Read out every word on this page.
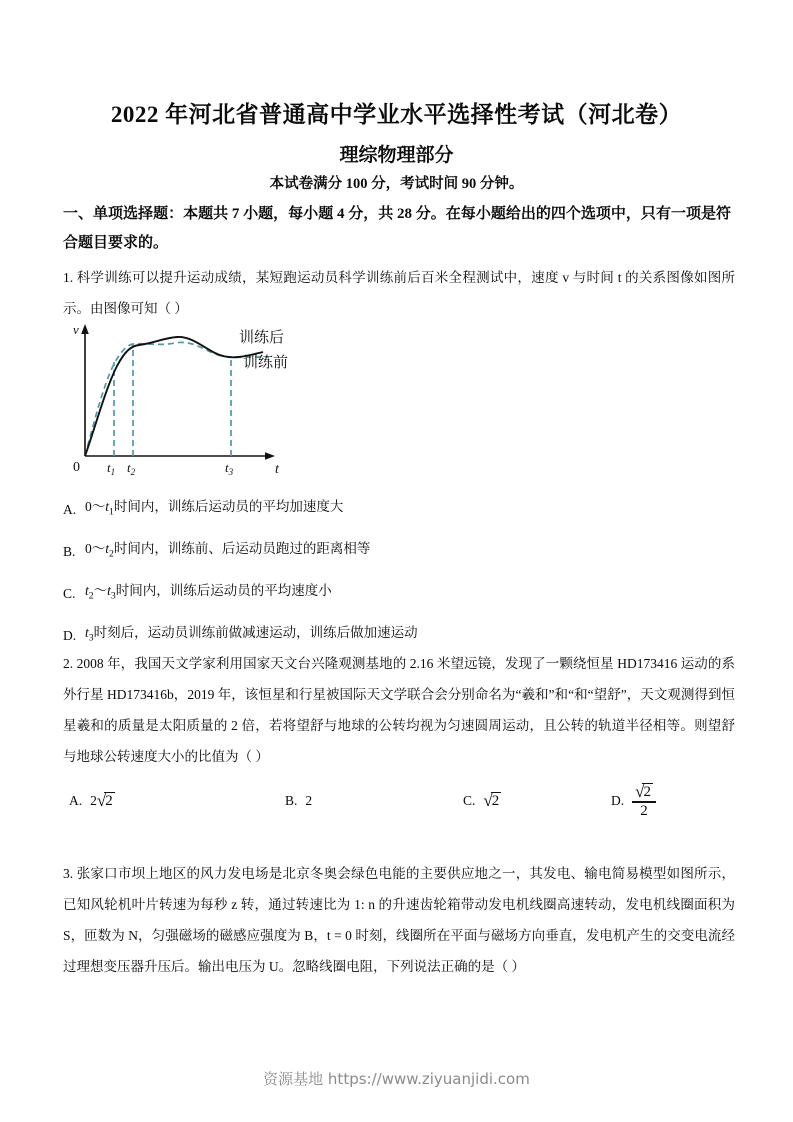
2022 年河北省普通高中学业水平选择性考试（河北卷）
理综物理部分
本试卷满分 100 分，考试时间 90 分钟。
一、单项选择题：本题共 7 小题，每小题 4 分，共 28 分。在每小题给出的四个选项中，只有一项是符合题目要求的。
1. 科学训练可以提升运动成绩，某短跑运动员科学训练前后百米全程测试中，速度 v 与时间 t 的关系图像如图所示。由图像可知（ ）
v
0 $t_1$ $t_2$	$t_3$	t
训练后
训练前
A. $0\sim t_1$时间内，训练后运动员的平均加速度大
B. $0\sim t_2$时间内，训练前、后运动员跑过的距离相等
C. $t_2\sim t_3$时间内，训练后运动员的平均速度小
D. $t_3$时刻后，运动员训练前做减速运动，训练后做加速运动
2. 2008 年，我国天文学家利用国家天文台兴隆观测基地的 2.16 米望远镜，发现了一颗绕恒星 HD173416 运动的系外行星 HD173416b，2019 年，该恒星和行星被国际天文学联合会分别命名为“羲和”和“和“望舒”，天文观测得到恒星羲和的质量是太阳质量的 2 倍，若将望舒与地球的公转均视为匀速圆周运动，且公转的轨道半径相等。则望舒与地球公转速度大小的比值为（ ）
A. 2 √ 2	B. 2	C. √ 2	D. $\frac{√ 2}{2}$
3. 张家口市坝上地区的风力发电场是北京冬奥会绿色电能的主要供应地之一，其发电、输电简易模型如图所示，已知风轮机叶片转速为每秒 z 转，通过转速比为 1: n 的升速齿轮箱带动发电机线圈高速转动，发电机线圈面积为 S，匝数为 N，匀强磁场的磁感应强度为 B，t = 0 时刻，线圈所在平面与磁场方向垂直，发电机产生的交变电流经过理想变压器升压后。输出电压为 U。忽略线圈电阻，下列说法正确的是（ ）
资源基地 https://www.ziyuanjidi.com
